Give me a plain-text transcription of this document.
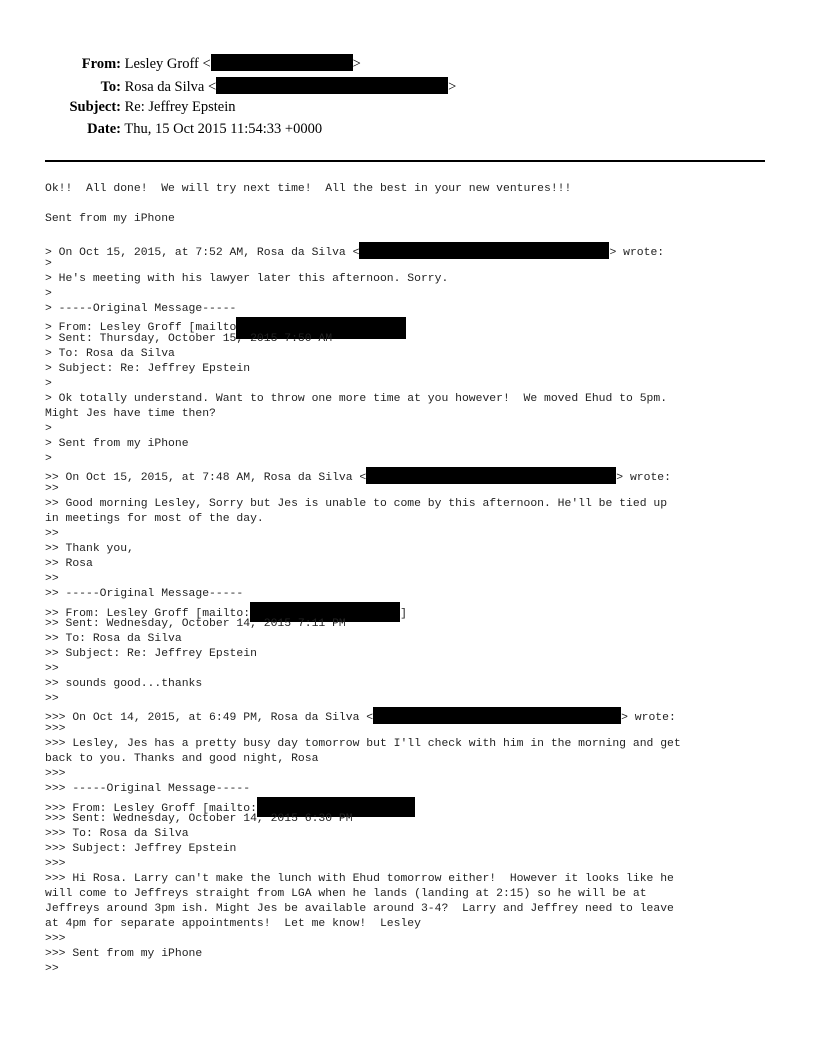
From: Lesley Groff <	>
To: Rosa da Silva <	>
Subject: Re: Jeffrey Epstein
Date: Thu, 15 Oct 2015 11:54:33 +0000
Ok!!  All done!  We will try next time!  All the best in your new ventures!!!
Sent from my iPhone
> On Oct 15, 2015, at 7:52 AM, Rosa da Silva <	> wrote:
>
> He's meeting with his lawyer later this afternoon. Sorry.
>
> -----Original Message-----
> From: Lesley Groff [mailto
> Sent: Thursday, October 15, 2015 7:50 AM
> To: Rosa da Silva
> Subject: Re: Jeffrey Epstein
>
> Ok totally understand. Want to throw one more time at you however!  We moved Ehud to 5pm.
Might Jes have time then?
>
> Sent from my iPhone
>
>> On Oct 15, 2015, at 7:48 AM, Rosa da Silva <	> wrote:
>>
>> Good morning Lesley, Sorry but Jes is unable to come by this afternoon. He'll be tied up
in meetings for most of the day.
>>
>> Thank you,
>> Rosa
>>
>> -----Original Message-----
>> From: Lesley Groff [mailto:	]
>> Sent: Wednesday, October 14, 2015 7:11 PM
>> To: Rosa da Silva
>> Subject: Re: Jeffrey Epstein
>>
>> sounds good...thanks
>>
>>> On Oct 14, 2015, at 6:49 PM, Rosa da Silva <	> wrote:
>>>
>>> Lesley, Jes has a pretty busy day tomorrow but I'll check with him in the morning and get
back to you. Thanks and good night, Rosa
>>>
>>> -----Original Message-----
>>> From: Lesley Groff [mailto:
>>> Sent: Wednesday, October 14, 2015 6:30 PM
>>> To: Rosa da Silva
>>> Subject: Jeffrey Epstein
>>>
>>> Hi Rosa. Larry can't make the lunch with Ehud tomorrow either!  However it looks like he
will come to Jeffreys straight from LGA when he lands (landing at 2:15) so he will be at
Jeffreys around 3pm ish. Might Jes be available around 3-4?  Larry and Jeffrey need to leave
at 4pm for separate appointments!  Let me know!  Lesley
>>>
>>> Sent from my iPhone
>>
